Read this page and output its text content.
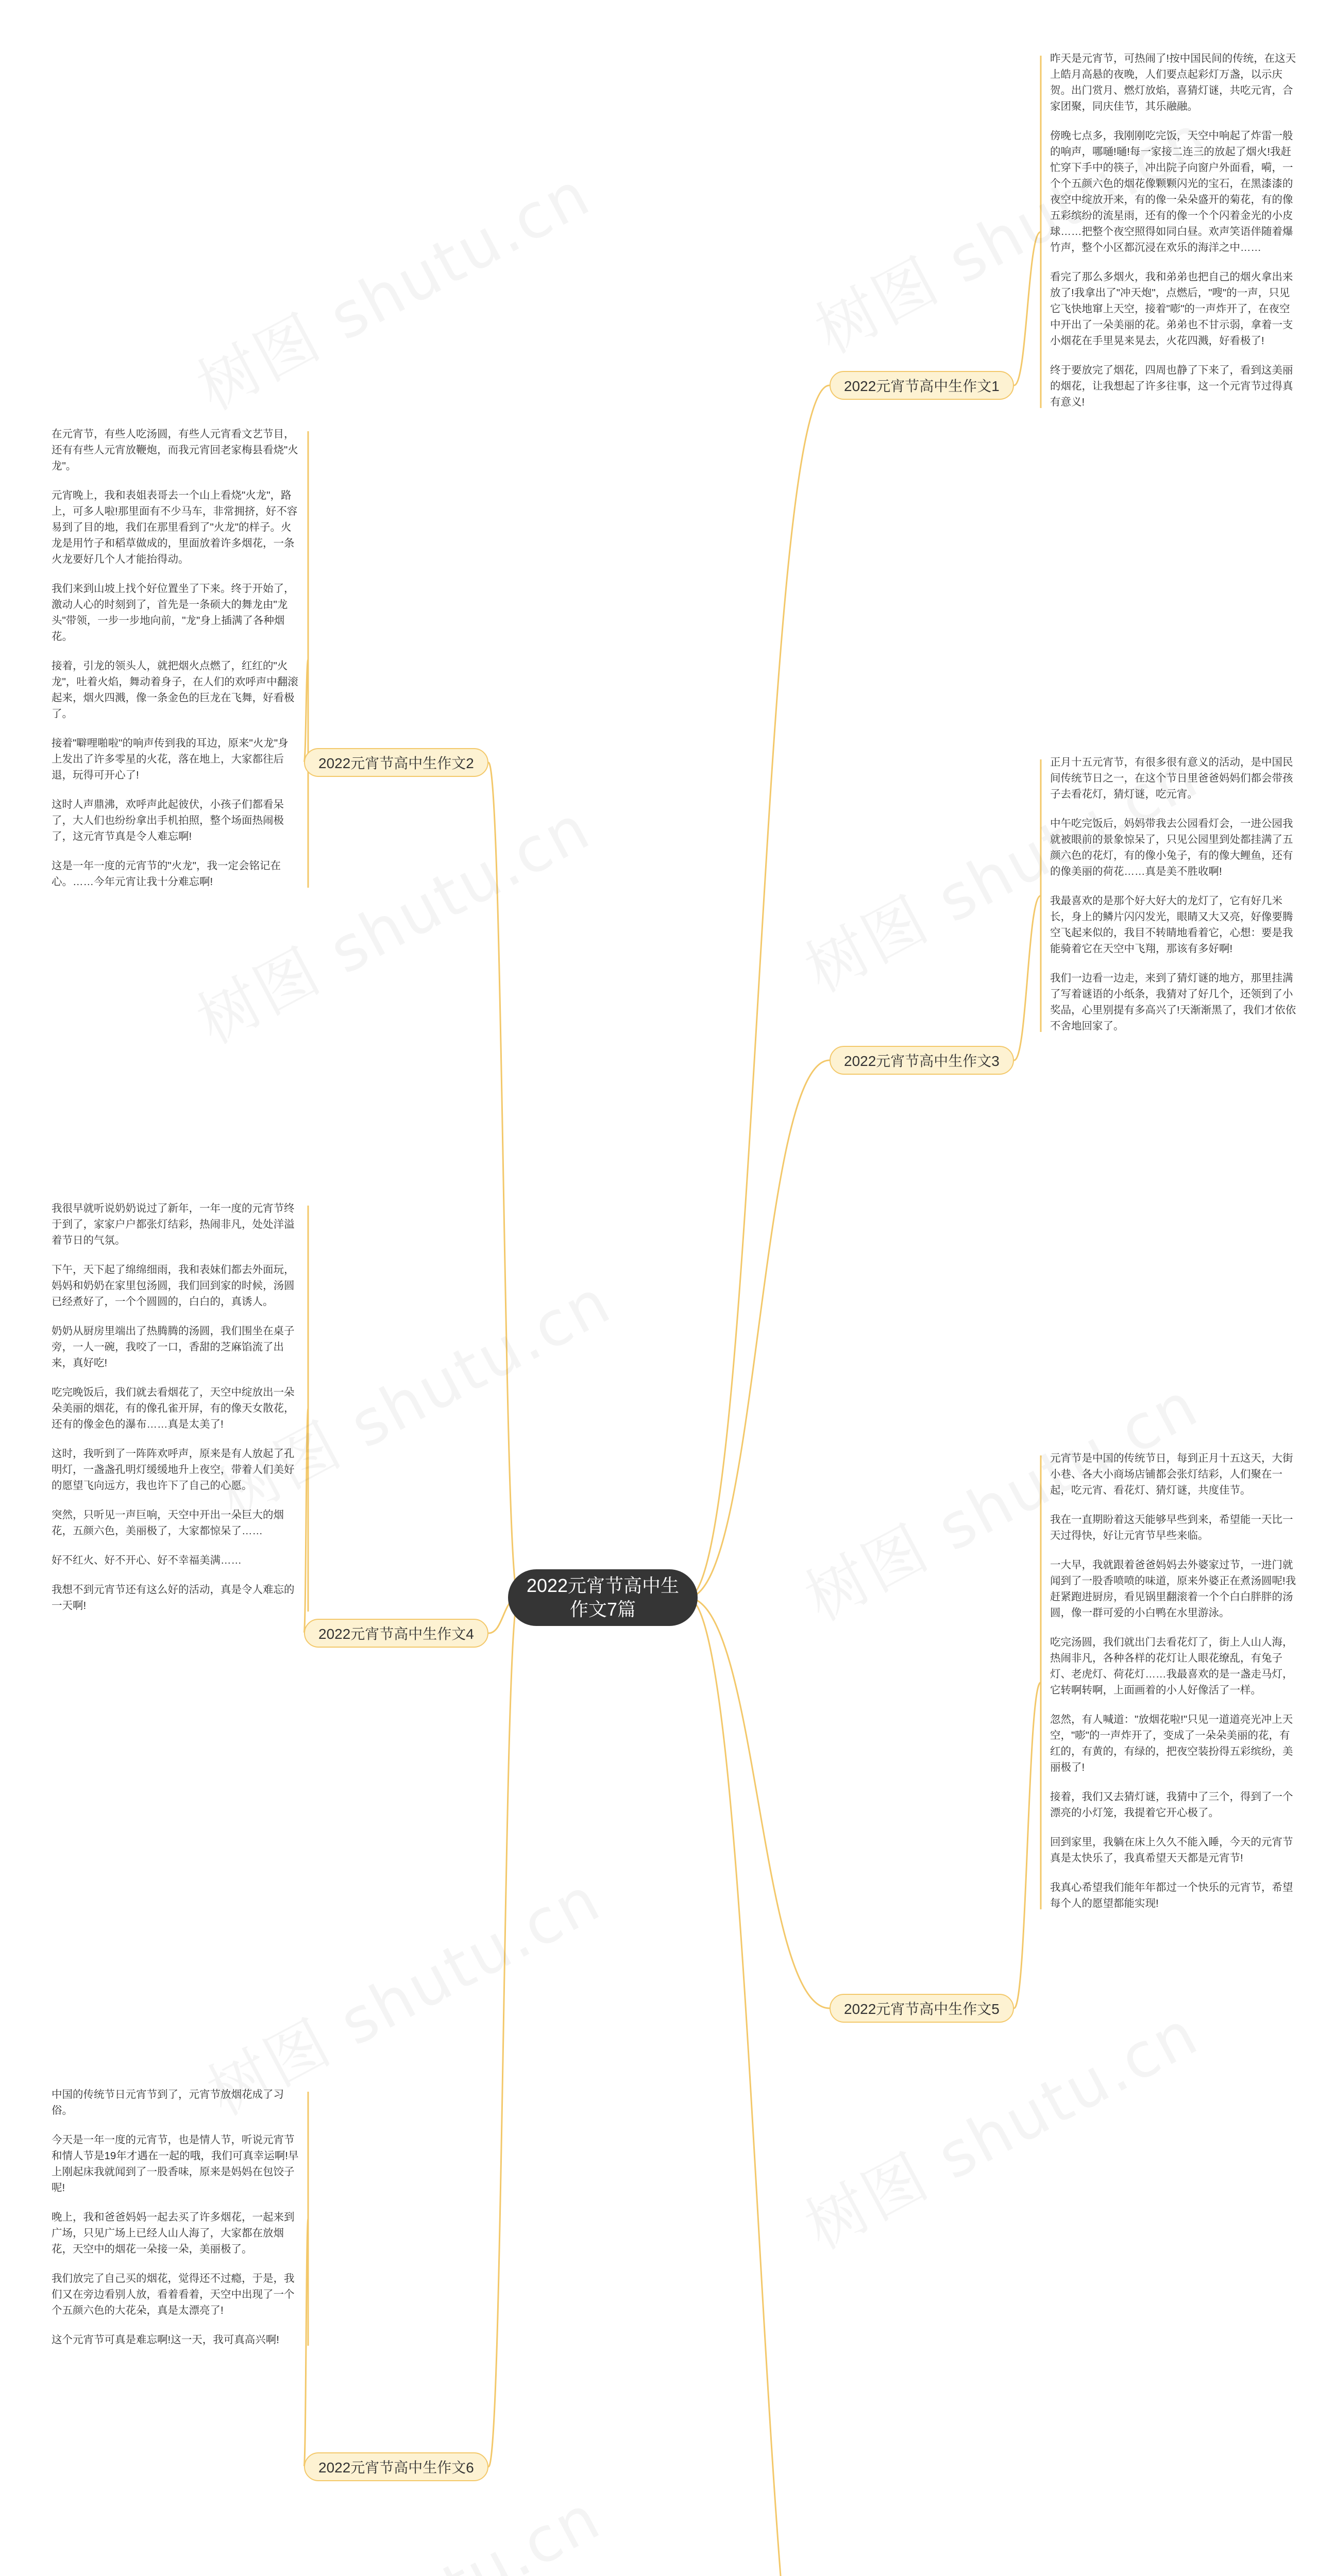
2022元宵节高中生作文7篇
2022元宵节高中生作文1
2022元宵节高中生作文2
2022元宵节高中生作文3
2022元宵节高中生作文4
2022元宵节高中生作文5
2022元宵节高中生作文6

昨天是元宵节，可热闹了!按中国民间的传统，在这天上皓月高悬的夜晚，人们要点起彩灯万盏，以示庆贺。出门赏月、燃灯放焰，喜猜灯谜，共吃元宵，合家团聚，同庆佳节，其乐融融。

傍晚七点多，我刚刚吃完饭，天空中响起了炸雷一般的响声，哪嗵!嗵!每一家接二连三的放起了烟火!我赶忙穿下手中的筷子，冲出院子向窗户外面看，嗬，一个个五颜六色的烟花像颗颗闪光的宝石，在黑漆漆的夜空中绽放开来，有的像一朵朵盛开的菊花，有的像五彩缤纷的流星雨，还有的像一个个闪着金光的小皮球……把整个夜空照得如同白昼。欢声笑语伴随着爆竹声，整个小区都沉浸在欢乐的海洋之中……

看完了那么多烟火，我和弟弟也把自己的烟火拿出来放了!我拿出了"冲天炮"，点燃后，"嗖"的一声，只见它飞快地窜上天空，接着"嘭"的一声炸开了，在夜空中开出了一朵美丽的花。弟弟也不甘示弱，拿着一支小烟花在手里晃来晃去，火花四溅，好看极了!

终于要放完了烟花，四周也静了下来了，看到这美丽的烟花，让我想起了许多往事，这一个元宵节过得真有意义!

在元宵节，有些人吃汤圆，有些人元宵看文艺节目，还有有些人元宵放鞭炮，而我元宵回老家梅县看烧"火龙"。

元宵晚上，我和表姐表哥去一个山上看烧"火龙"，路上，可多人啦!那里面有不少马车，非常拥挤，好不容易到了目的地，我们在那里看到了"火龙"的样子。火龙是用竹子和稻草做成的，里面放着许多烟花，一条火龙要好几个人才能抬得动。

我们来到山坡上找个好位置坐了下来。终于开始了，激动人心的时刻到了，首先是一条硕大的舞龙由"龙头"带领，一步一步地向前，"龙"身上插满了各种烟花。

接着，引龙的领头人，就把烟火点燃了，红红的"火龙"，吐着火焰，舞动着身子，在人们的欢呼声中翻滚起来，烟火四溅，像一条金色的巨龙在飞舞，好看极了。

接着"噼哩啪啦"的响声传到我的耳边，原来"火龙"身上发出了许多零星的火花，落在地上，大家都往后退，玩得可开心了!

这时人声鼎沸，欢呼声此起彼伏，小孩子们都看呆了，大人们也纷纷拿出手机拍照，整个场面热闹极了，这元宵节真是令人难忘啊!

这是一年一度的元宵节的"火龙"，我一定会铭记在心。……今年元宵让我十分难忘啊!

正月十五元宵节，有很多很有意义的活动，是中国民间传统节日之一，在这个节日里爸爸妈妈们都会带孩子去看花灯，猜灯谜，吃元宵。

中午吃完饭后，妈妈带我去公园看灯会，一进公园我就被眼前的景象惊呆了，只见公园里到处都挂满了五颜六色的花灯，有的像小兔子，有的像大鲤鱼，还有的像美丽的荷花……真是美不胜收啊!

我最喜欢的是那个好大好大的龙灯了，它有好几米长，身上的鳞片闪闪发光，眼睛又大又亮，好像要腾空飞起来似的，我目不转睛地看着它，心想：要是我能骑着它在天空中飞翔，那该有多好啊!

我们一边看一边走，来到了猜灯谜的地方，那里挂满了写着谜语的小纸条，我猜对了好几个，还领到了小奖品，心里别提有多高兴了!天渐渐黑了，我们才依依不舍地回家了。

我很早就听说奶奶说过了新年，一年一度的元宵节终于到了，家家户户都张灯结彩，热闹非凡，处处洋溢着节日的气氛。

下午，天下起了绵绵细雨，我和表妹们都去外面玩，妈妈和奶奶在家里包汤圆，我们回到家的时候，汤圆已经煮好了，一个个圆圆的，白白的，真诱人。

奶奶从厨房里端出了热腾腾的汤圆，我们围坐在桌子旁，一人一碗，我咬了一口，香甜的芝麻馅流了出来，真好吃!

吃完晚饭后，我们就去看烟花了，天空中绽放出一朵朵美丽的烟花，有的像孔雀开屏，有的像天女散花，还有的像金色的瀑布……真是太美了!

这时，我听到了一阵阵欢呼声，原来是有人放起了孔明灯，一盏盏孔明灯缓缓地升上夜空，带着人们美好的愿望飞向远方，我也许下了自己的心愿。

突然，只听见一声巨响，天空中开出一朵巨大的烟花，五颜六色，美丽极了，大家都惊呆了……

好不红火、好不开心、好不幸福美满……

我想不到元宵节还有这么好的活动，真是令人难忘的一天啊!

元宵节是中国的传统节日，每到正月十五这天，大街小巷、各大小商场店铺都会张灯结彩，人们聚在一起，吃元宵、看花灯、猜灯谜，共度佳节。

我在一直期盼着这天能够早些到来，希望能一天比一天过得快，好让元宵节早些来临。

一大早，我就跟着爸爸妈妈去外婆家过节，一进门就闻到了一股香喷喷的味道，原来外婆正在煮汤圆呢!我赶紧跑进厨房，看见锅里翻滚着一个个白白胖胖的汤圆，像一群可爱的小白鸭在水里游泳。

吃完汤圆，我们就出门去看花灯了，街上人山人海，热闹非凡，各种各样的花灯让人眼花缭乱，有兔子灯、老虎灯、荷花灯……我最喜欢的是一盏走马灯，它转啊转啊，上面画着的小人好像活了一样。

忽然，有人喊道："放烟花啦!"只见一道道亮光冲上天空，"嘭"的一声炸开了，变成了一朵朵美丽的花，有红的，有黄的，有绿的，把夜空装扮得五彩缤纷，美丽极了!

接着，我们又去猜灯谜，我猜中了三个，得到了一个漂亮的小灯笼，我提着它开心极了。

回到家里，我躺在床上久久不能入睡，今天的元宵节真是太快乐了，我真希望天天都是元宵节!

我真心希望我们能年年都过一个快乐的元宵节，希望每个人的愿望都能实现!

中国的传统节日元宵节到了，元宵节放烟花成了习俗。

今天是一年一度的元宵节，也是情人节，听说元宵节和情人节是19年才遇在一起的哦，我们可真幸运啊!早上刚起床我就闻到了一股香味，原来是妈妈在包饺子呢!

晚上，我和爸爸妈妈一起去买了许多烟花，一起来到广场，只见广场上已经人山人海了，大家都在放烟花，天空中的烟花一朵接一朵，美丽极了。

我们放完了自己买的烟花，觉得还不过瘾，于是，我们又在旁边看别人放，看着看着，天空中出现了一个个五颜六色的大花朵，真是太漂亮了!

这个元宵节可真是难忘啊!这一天，我可真高兴啊!
